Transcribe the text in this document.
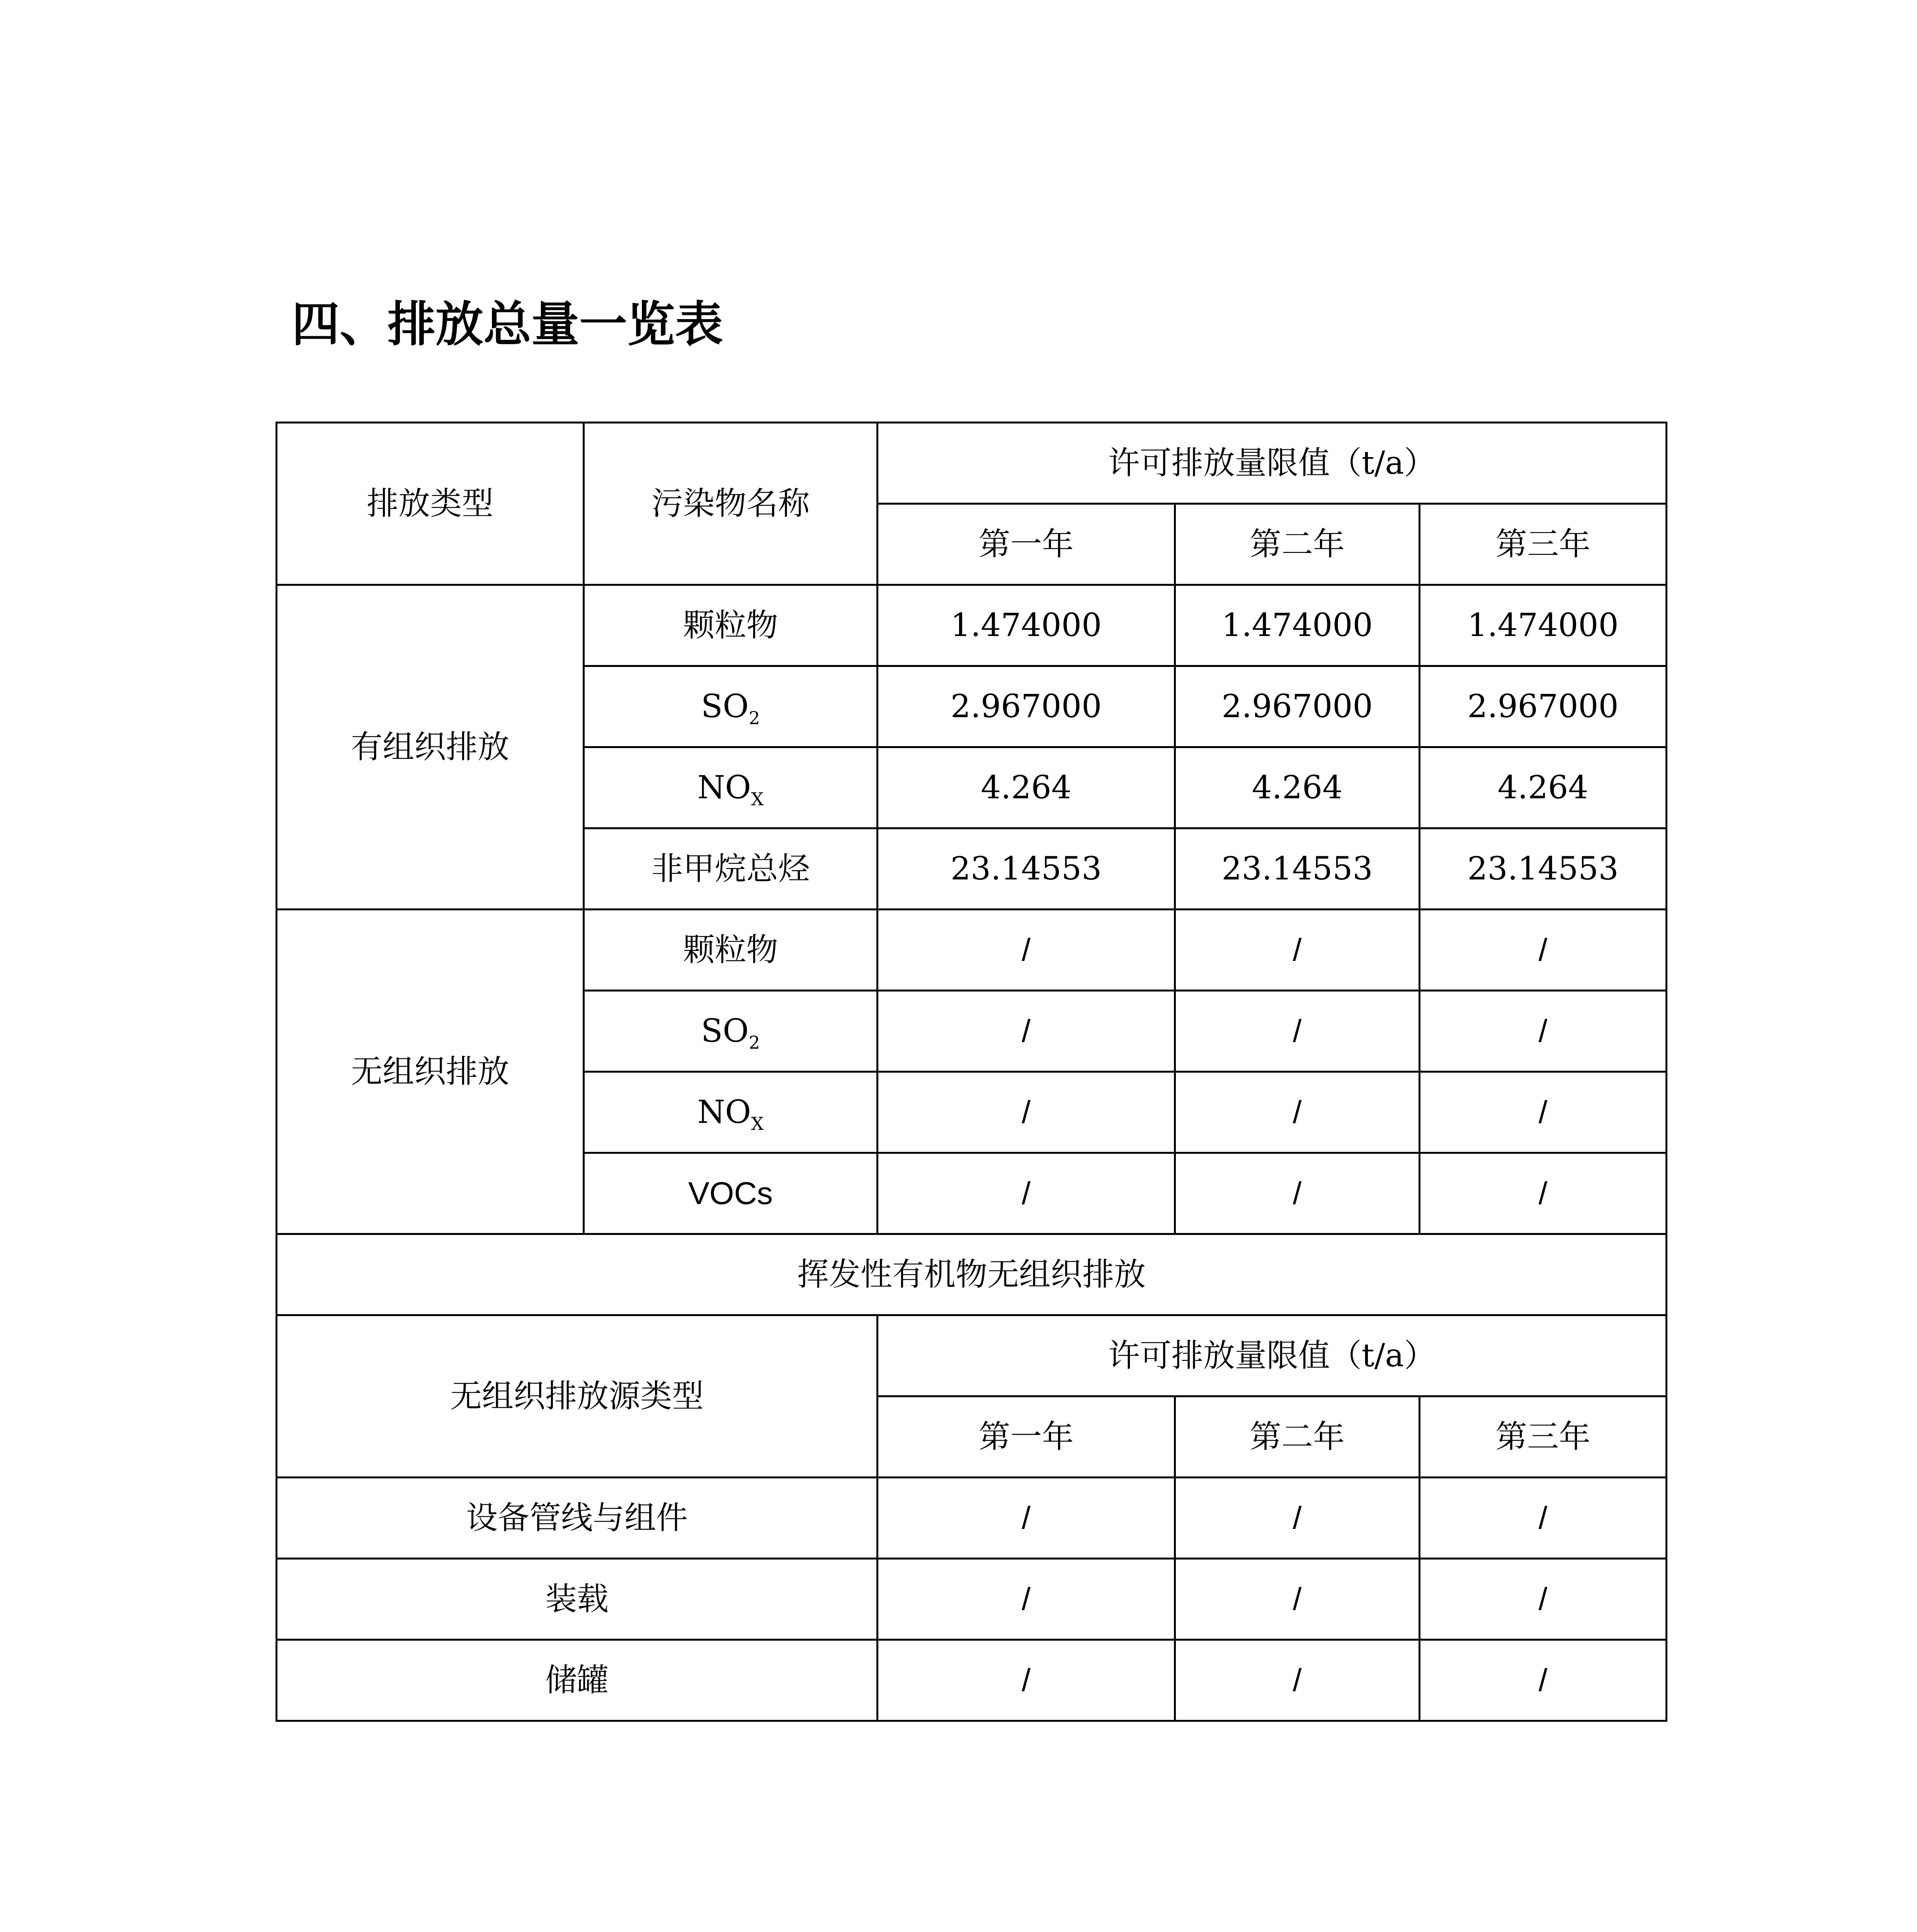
四、排放总量一览表
排放类型	污染物名称	许可排放量限值（t/a）		
		第一年	第二年	第三年
有组织排放	颗粒物	1.474000	1.474000	1.474000
	$SO_2$	2.967000	2.967000	2.967000
	$NO_X$	4.264	4.264	4.264
	非甲烷总烃	23.14553	23.14553	23.14553
无组织排放	颗粒物	/	/	/
	$SO_2$	/	/	/
	$NO_X$	/	/	/
	VOCs	/	/	/
挥发性有机物无组织排放				
无组织排放源类型		许可排放量限值（t/a）		
		第一年	第二年	第三年
设备管线与组件		/	/	/
装载		/	/	/
储罐		/	/	/
